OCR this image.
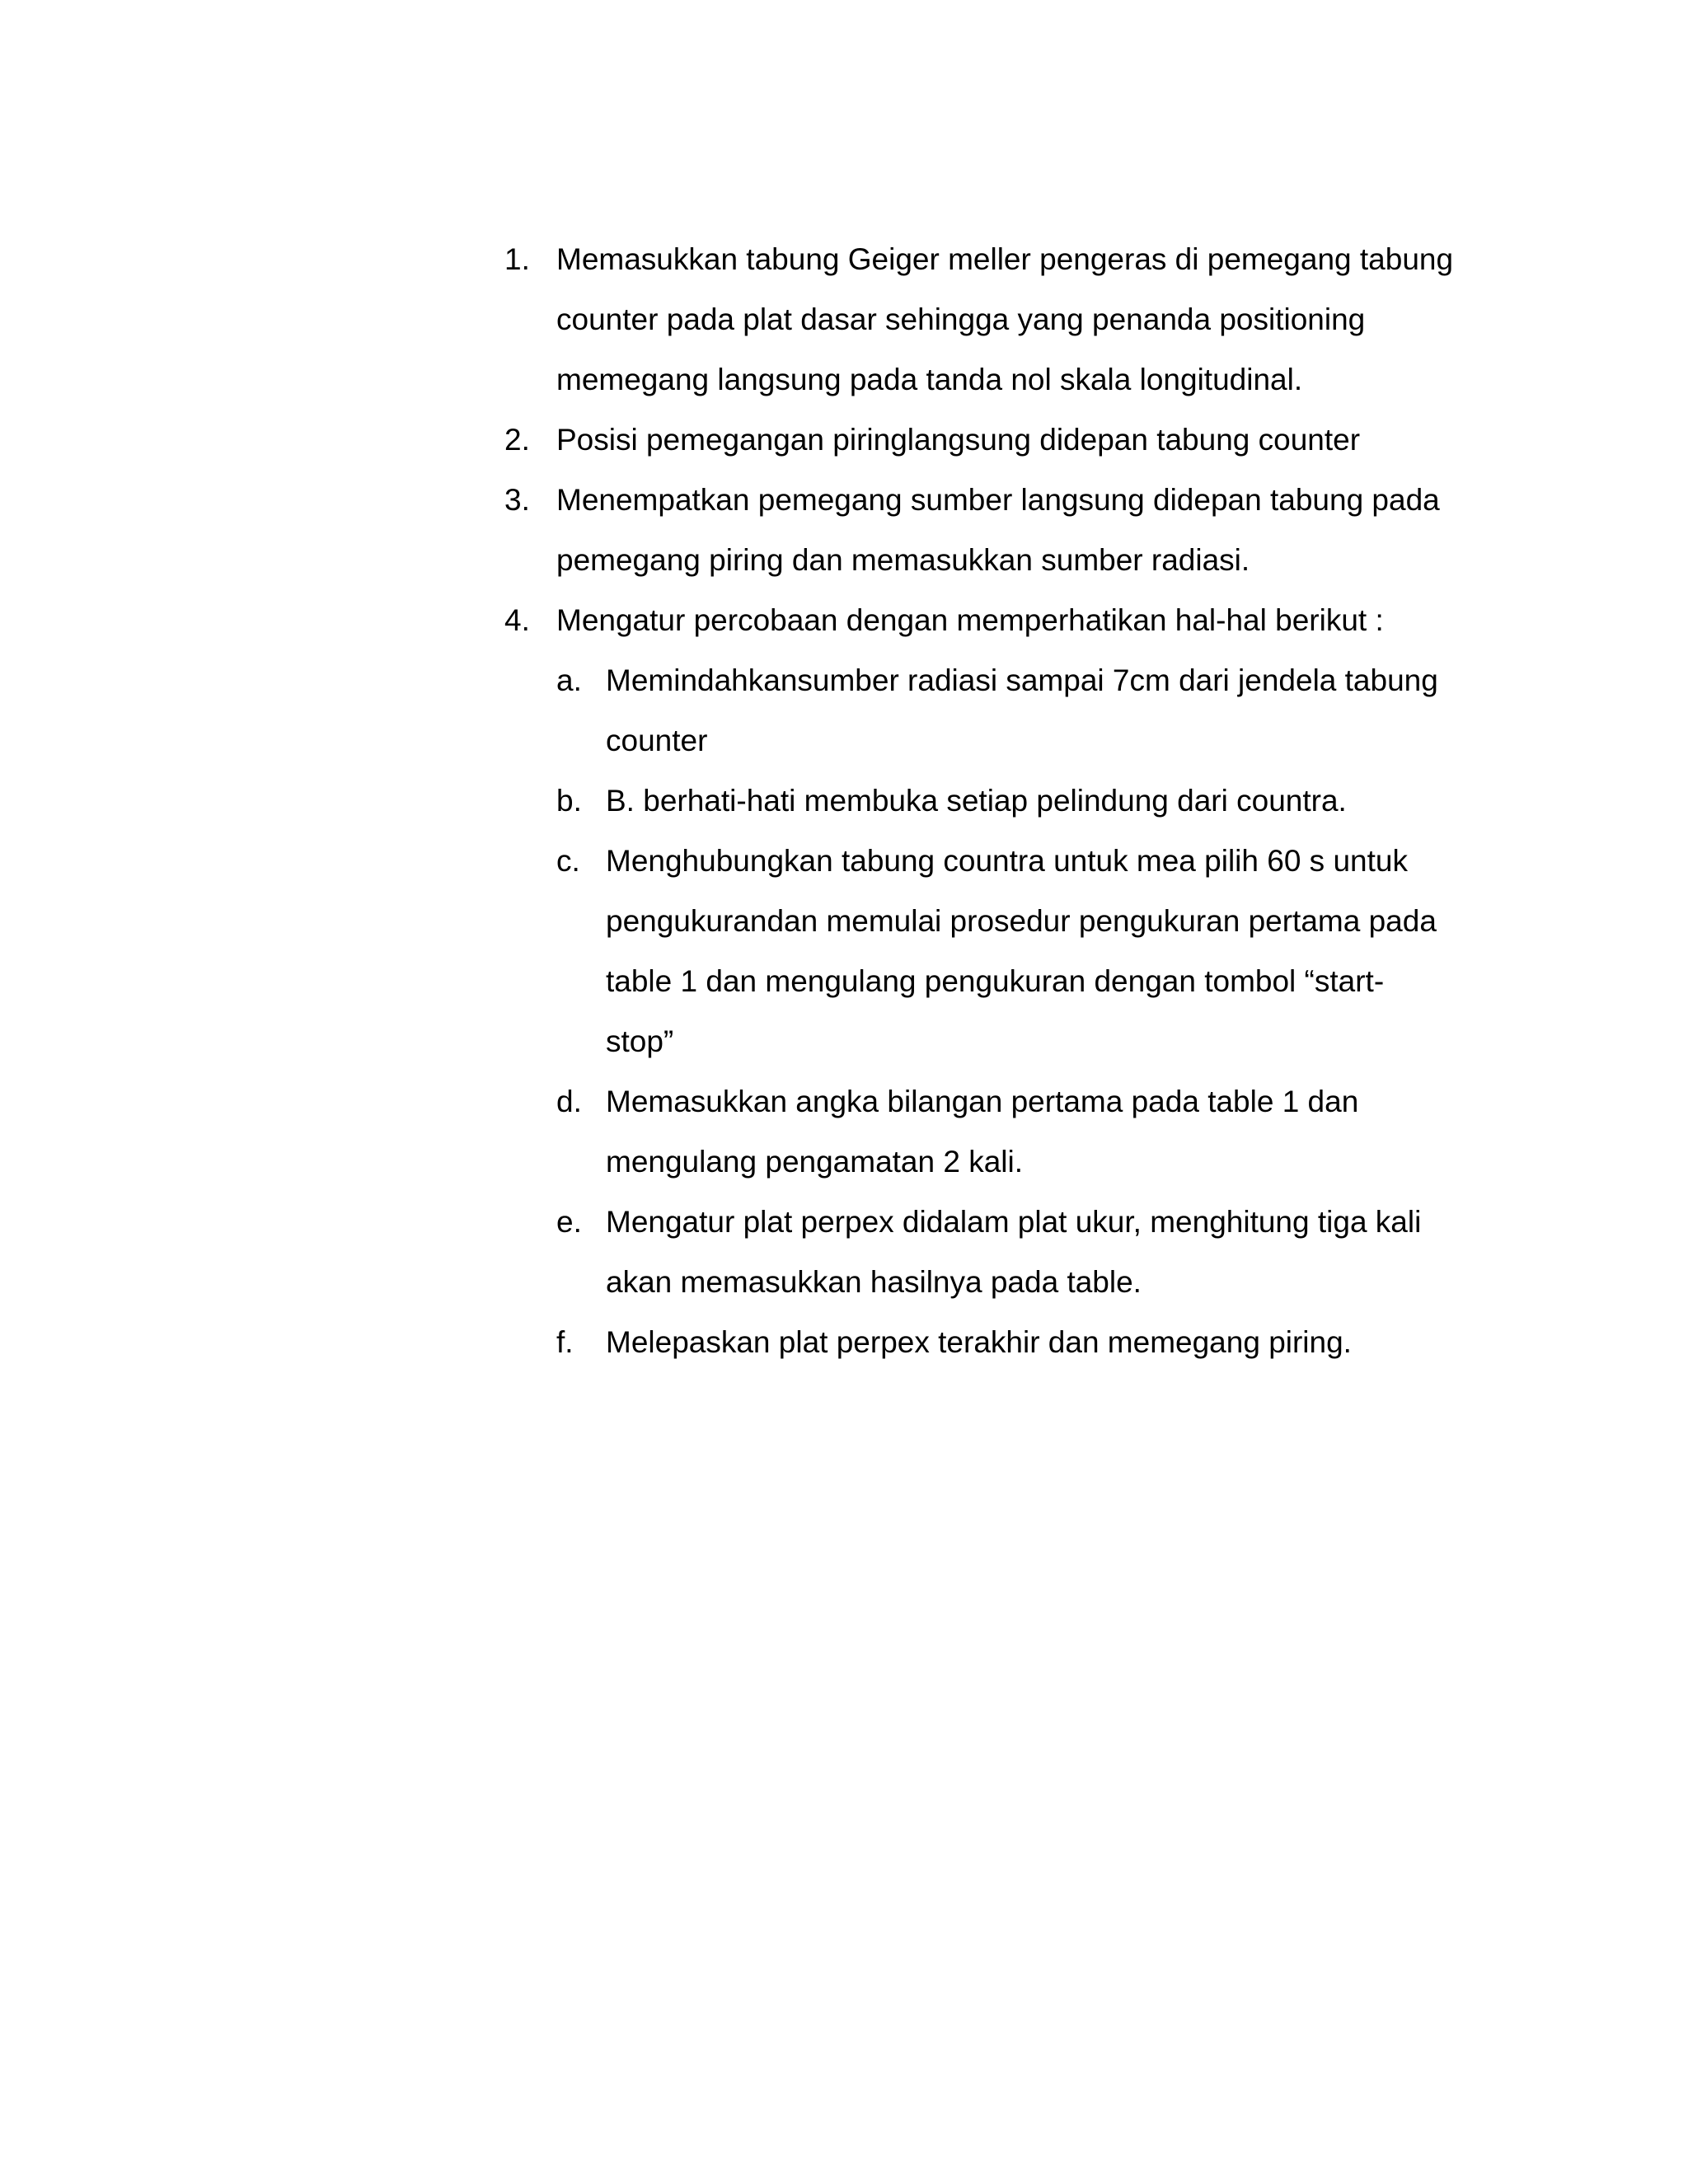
1. Memasukkan tabung Geiger meller pengeras di pemegang tabung
counter pada plat dasar sehingga yang penanda positioning
memegang langsung pada tanda nol skala longitudinal.
2. Posisi pemegangan piringlangsung didepan tabung counter
3. Menempatkan pemegang sumber langsung didepan tabung pada
pemegang piring dan memasukkan sumber radiasi.
4. Mengatur percobaan dengan memperhatikan hal-hal berikut :
a. Memindahkansumber radiasi sampai 7cm dari jendela tabung
counter
b. B. berhati-hati membuka setiap pelindung dari countra.
c. Menghubungkan tabung countra untuk mea pilih 60 s untuk
pengukurandan memulai prosedur pengukuran pertama pada
table 1 dan mengulang pengukuran dengan tombol “start-
stop”
d. Memasukkan angka bilangan pertama pada table 1 dan
mengulang pengamatan 2 kali.
e. Mengatur plat perpex didalam plat ukur, menghitung tiga kali
akan memasukkan hasilnya pada table.
f. Melepaskan plat perpex terakhir dan memegang piring.
